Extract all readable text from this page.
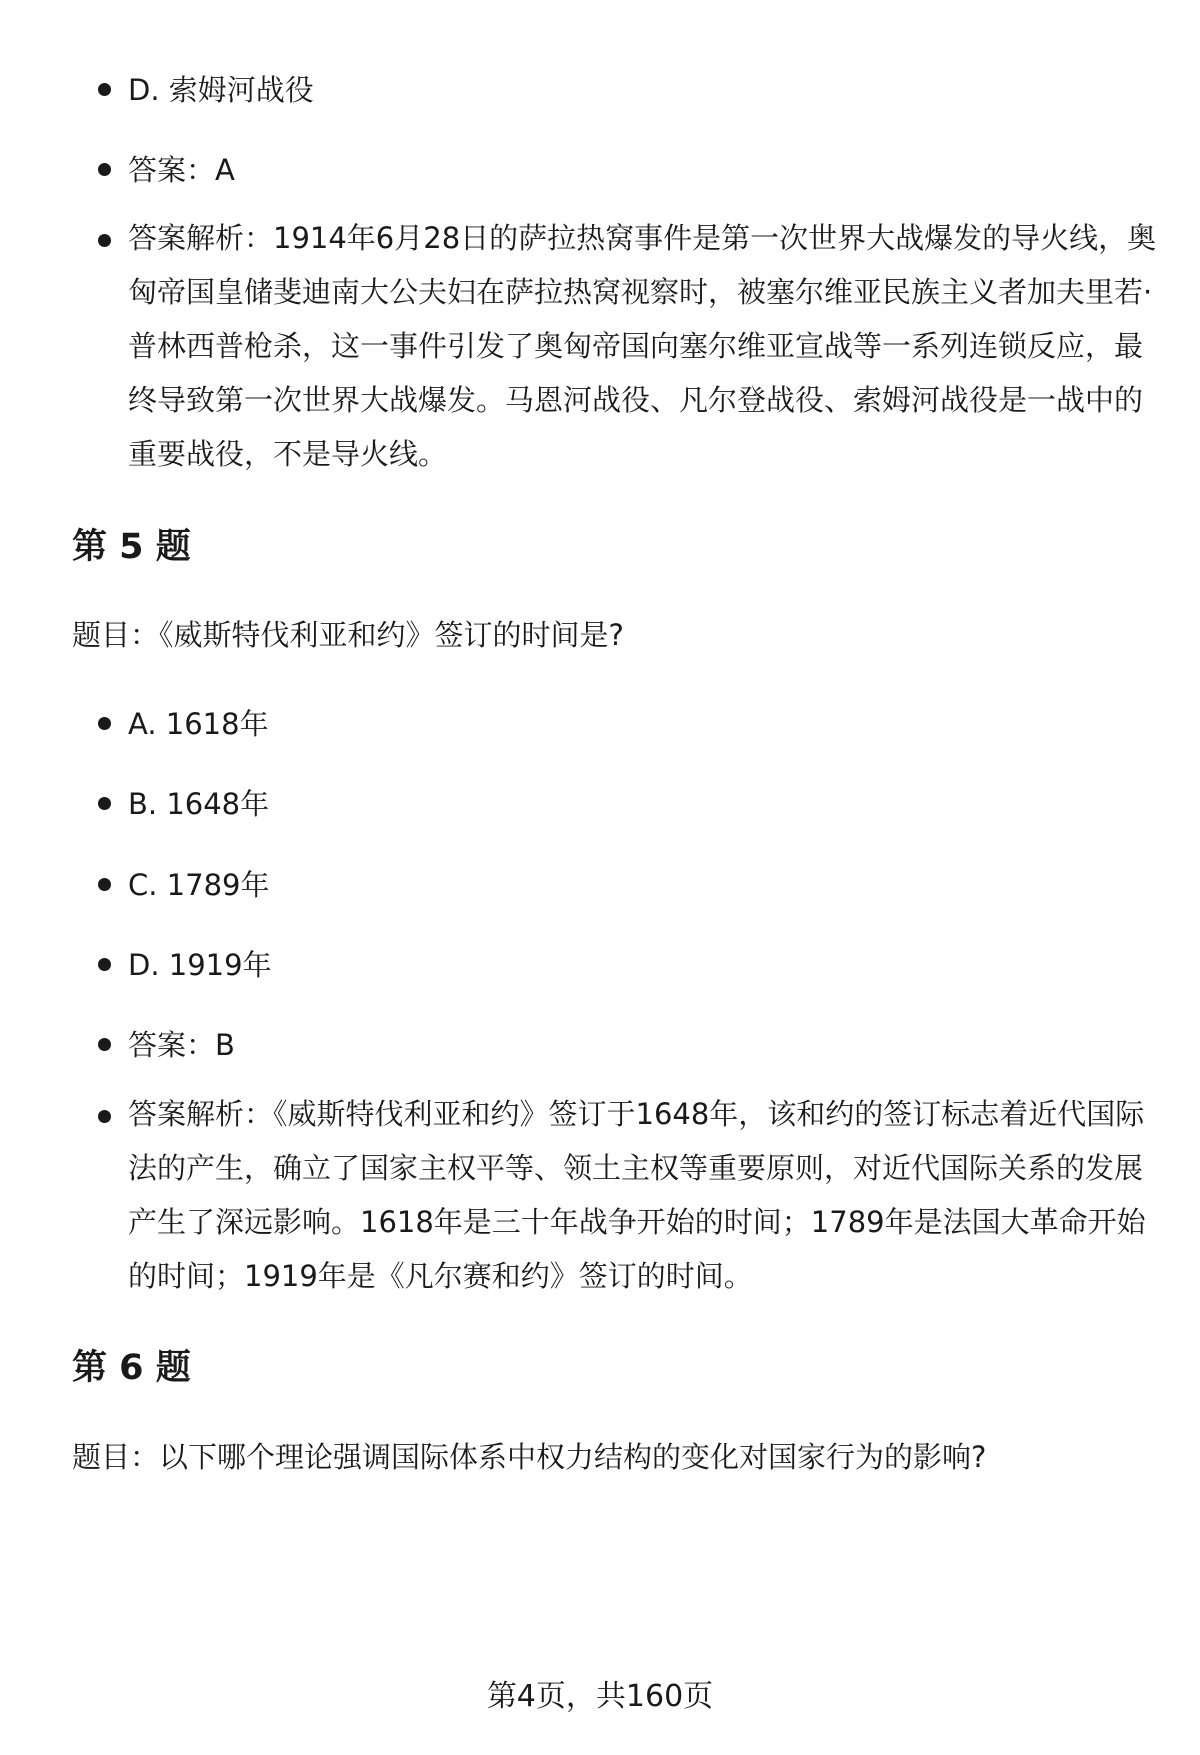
D. 索姆河战役
答案：A
答案解析：1914年6月28日的萨拉热窝事件是第一次世界大战爆发的导火线，奥匈帝国皇储斐迪南大公夫妇在萨拉热窝视察时，被塞尔维亚民族主义者加夫里若·普林西普枪杀，这一事件引发了奥匈帝国向塞尔维亚宣战等一系列连锁反应，最终导致第一次世界大战爆发。马恩河战役、凡尔登战役、索姆河战役是一战中的重要战役，不是导火线。
第 5 题

题目：《威斯特伐利亚和约》签订的时间是?

A. 1618年
B. 1648年
C. 1789年
D. 1919年
答案：B
答案解析：《威斯特伐利亚和约》签订于1648年，该和约的签订标志着近代国际法的产生，确立了国家主权平等、领土主权等重要原则，对近代国际关系的发展产生了深远影响。1618年是三十年战争开始的时间；1789年是法国大革命开始的时间；1919年是《凡尔赛和约》签订的时间。
第 6 题

题目：以下哪个理论强调国际体系中权力结构的变化对国家行为的影响?

第4页，共160页
